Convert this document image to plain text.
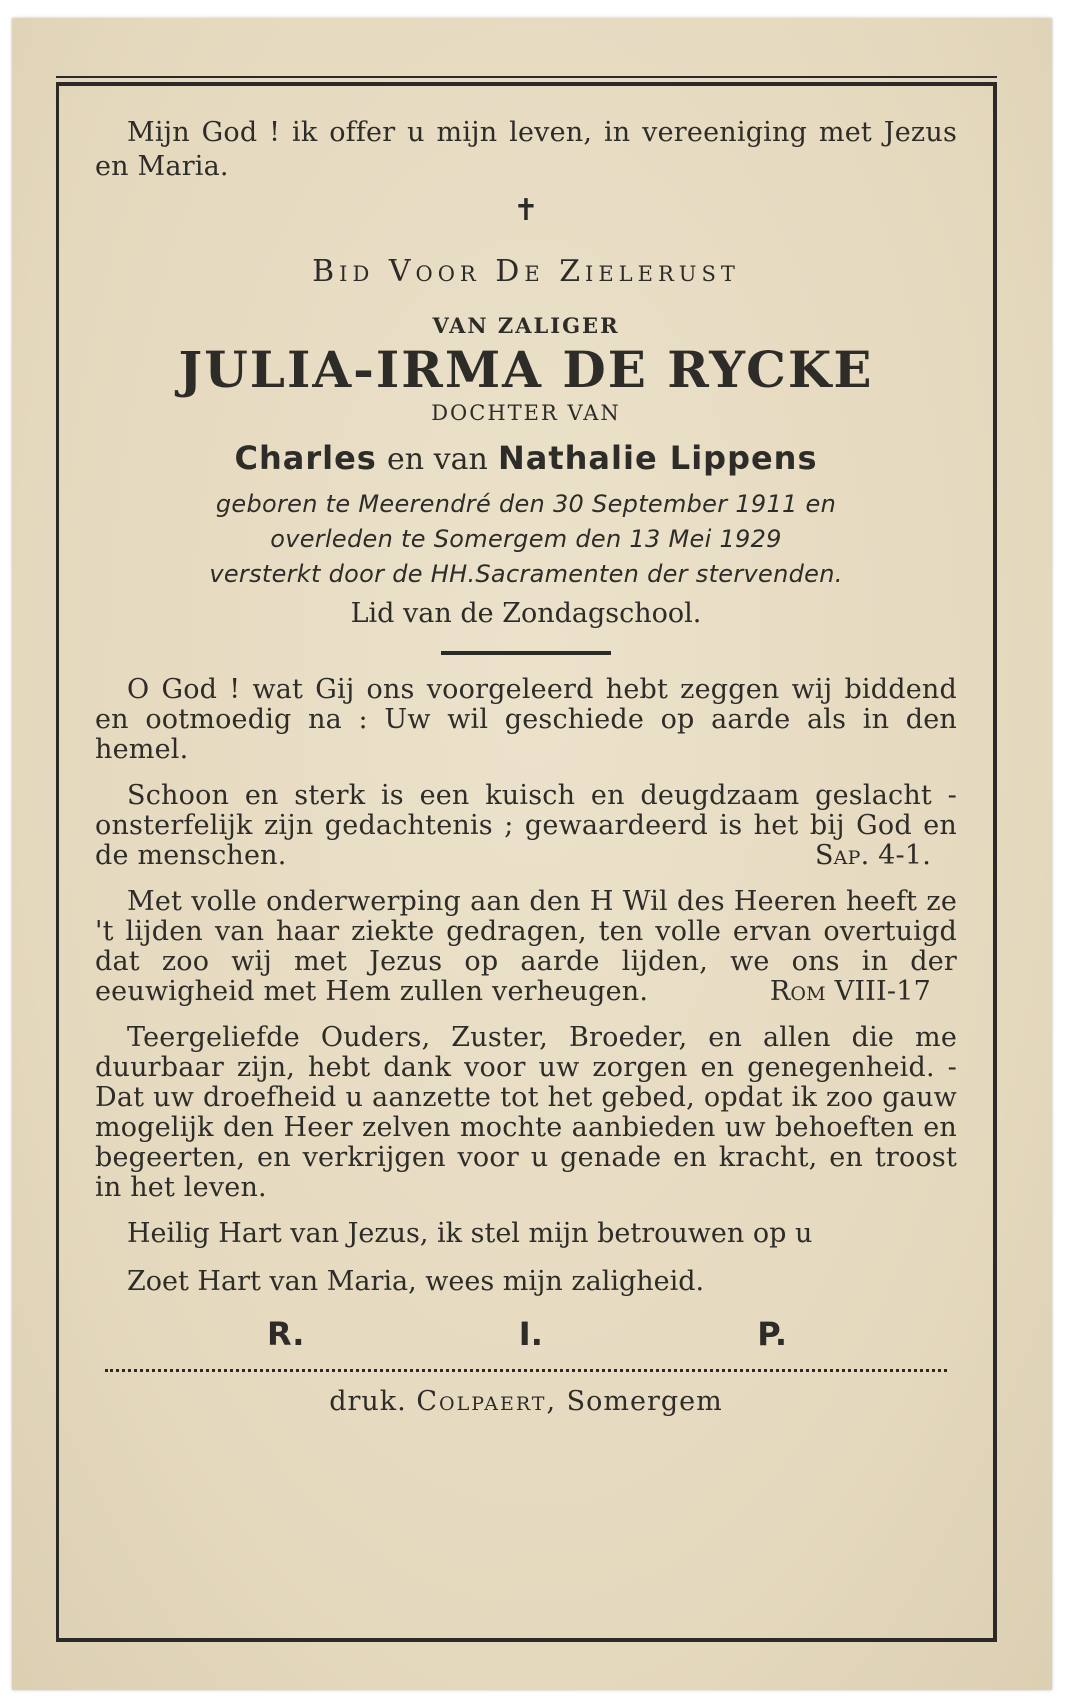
Mijn God ! ik offer u mijn leven, in vereeniging met Jezus en Maria.

✝
Bid Voor De Zielerust
VAN ZALIGER
JULIA-IRMA DE RYCKE
DOCHTER VAN
Charles en van Nathalie Lippens
geboren te Meerendré den 30 September 1911 en
overleden te Somergem den 13 Mei 1929
versterkt door de HH.Sacramenten der stervenden.
Lid van de Zondagschool.

O God ! wat Gij ons voorgeleerd hebt zeggen wij biddend en ootmoedig na : Uw wil geschiede op aarde als in den hemel.

Schoon en sterk is een kuisch en deugdzaam geslacht - onsterfelijk zijn gedachtenis ; gewaardeerd is het bij God en de menschen.	Sap. 4-1.
Met volle onderwerping aan den H Wil des Heeren heeft ze 't lijden van haar ziekte gedragen, ten volle ervan overtuigd dat zoo wij met Jezus op aarde lijden, we ons in der eeuwigheid met Hem zullen verheugen.	Rom VIII-17

Teergeliefde Ouders, Zuster, Broeder, en allen die me duurbaar zijn, hebt dank voor uw zorgen en genegenheid. - Dat uw droefheid u aanzette tot het gebed, opdat ik zoo gauw mogelijk den Heer zelven mochte aanbieden uw behoeften en begeerten, en verkrijgen voor u genade en kracht, en troost in het leven.

Heilig Hart van Jezus, ik stel mijn betrouwen op u

Zoet Hart van Maria, wees mijn zaligheid.

R.	I.	P.
druk. Colpaert, Somergem
